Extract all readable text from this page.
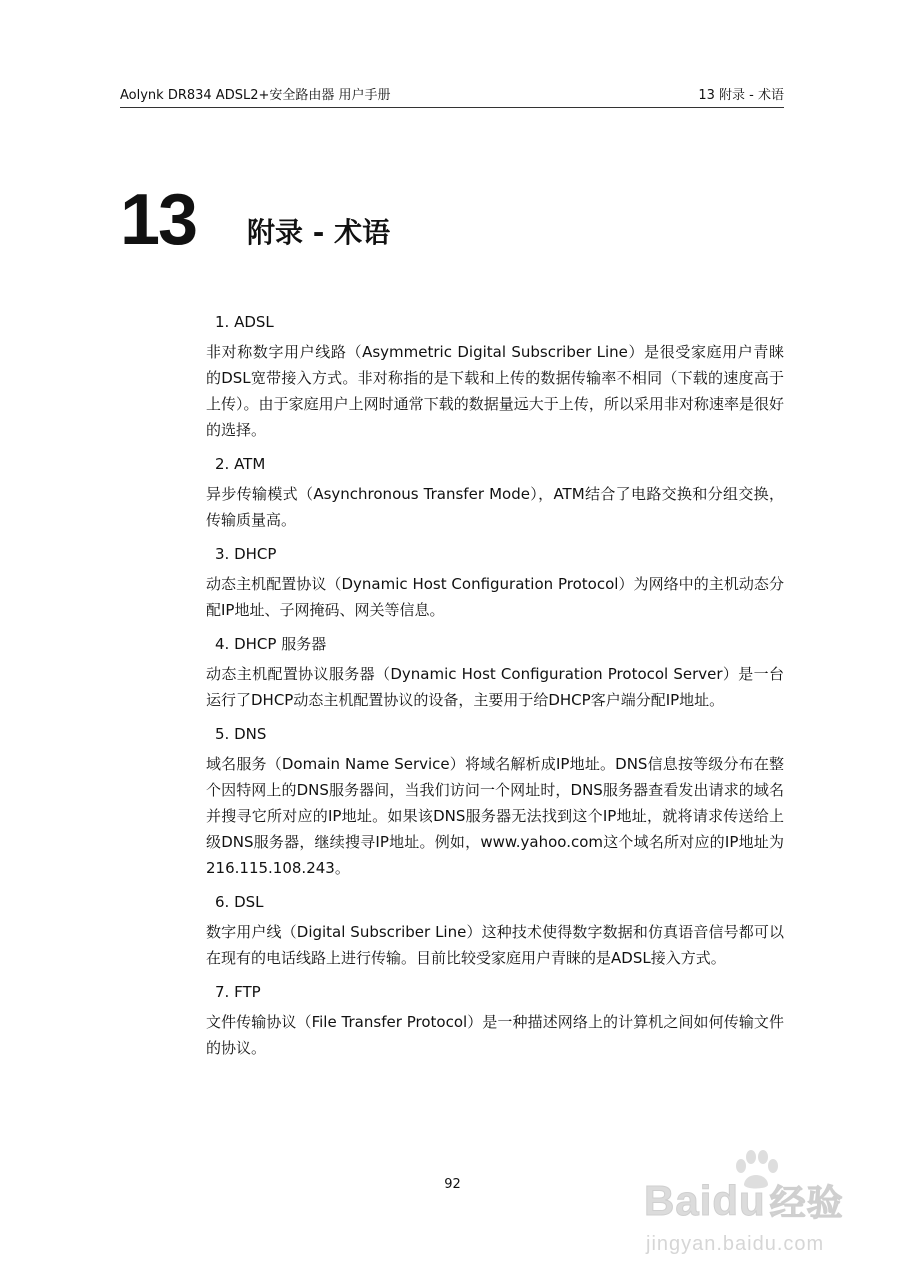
Aolynk DR834 ADSL2+安全路由器 用户手册	13 附录 - 术语
13 附录 - 术语

1. ADSL

非对称数字用户线路（Asymmetric Digital Subscriber Line）是很受家庭用户青睐的DSL宽带接入方式。非对称指的是下载和上传的数据传输率不相同（下载的速度高于上传）。由于家庭用户上网时通常下载的数据量远大于上传，所以采用非对称速率是很好的选择。

2. ATM

异步传输模式（Asynchronous Transfer Mode），ATM结合了电路交换和分组交换，传输质量高。

3. DHCP

动态主机配置协议（Dynamic Host Configuration Protocol）为网络中的主机动态分配IP地址、子网掩码、网关等信息。

4. DHCP 服务器

动态主机配置协议服务器（Dynamic Host Configuration Protocol Server）是一台运行了DHCP动态主机配置协议的设备，主要用于给DHCP客户端分配IP地址。

5. DNS

域名服务（Domain Name Service）将域名解析成IP地址。DNS信息按等级分布在整个因特网上的DNS服务器间，当我们访问一个网址时，DNS服务器查看发出请求的域名并搜寻它所对应的IP地址。如果该DNS服务器无法找到这个IP地址，就将请求传送给上级DNS服务器，继续搜寻IP地址。例如，www.yahoo.com这个域名所对应的IP地址为216.115.108.243。

6. DSL

数字用户线（Digital Subscriber Line）这种技术使得数字数据和仿真语音信号都可以在现有的电话线路上进行传输。目前比较受家庭用户青睐的是ADSL接入方式。

7. FTP

文件传输协议（File Transfer Protocol）是一种描述网络上的计算机之间如何传输文件的协议。

92	Baidu 经验
jingyan.baidu.com
